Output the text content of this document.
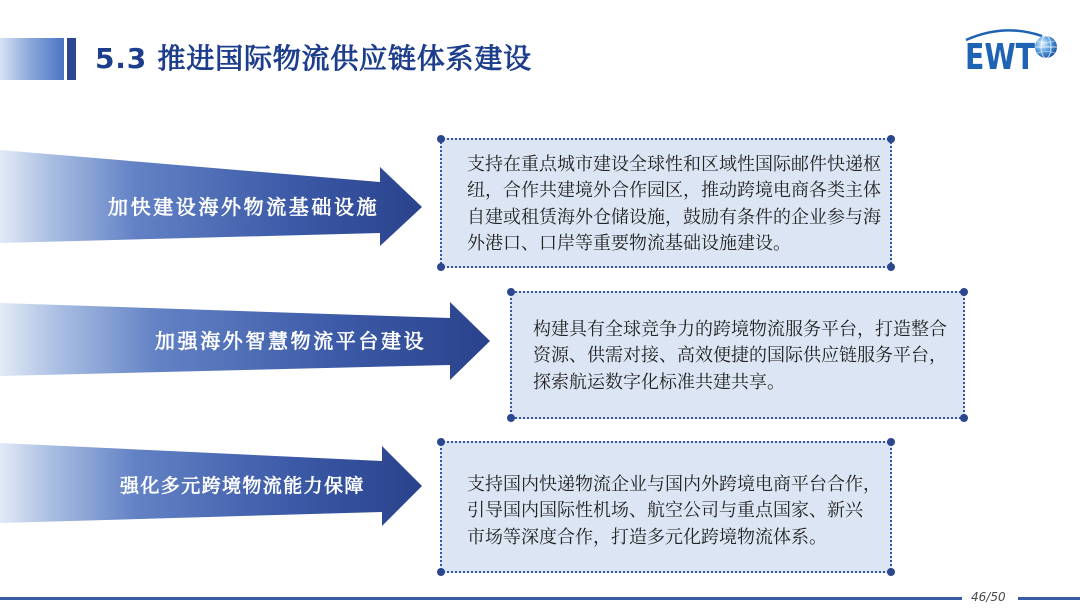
5.3 推进国际物流供应链体系建设	EWT
加快建设海外物流基础设施
加强海外智慧物流平台建设
强化多元跨境物流能力保障
支持在重点城市建设全球性和区域性国际邮件快递枢
纽，合作共建境外合作园区，推动跨境电商各类主体
自建或租赁海外仓储设施，鼓励有条件的企业参与海
外港口、口岸等重要物流基础设施建设。
构建具有全球竞争力的跨境物流服务平台，打造整合
资源、供需对接、高效便捷的国际供应链服务平台，
探索航运数字化标准共建共享。
支持国内快递物流企业与国内外跨境电商平台合作，
引导国内国际性机场、航空公司与重点国家、新兴
市场等深度合作，打造多元化跨境物流体系。
46/50
